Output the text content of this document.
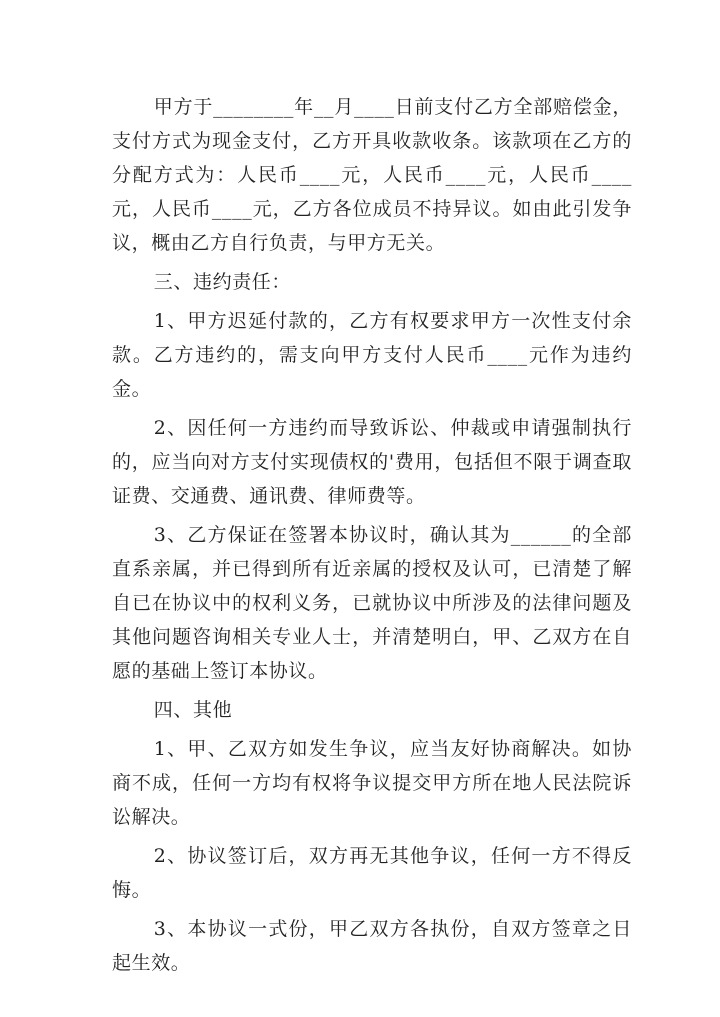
甲方于________年__月____日前支付乙方全部赔偿金，支付方式为现金支付，乙方开具收款收条。该款项在乙方的分配方式为：人民币____元，人民币____元，人民币____元，人民币____元，乙方各位成员不持异议。如由此引发争议，概由乙方自行负责，与甲方无关。

三、违约责任：

1、甲方迟延付款的，乙方有权要求甲方一次性支付余款。乙方违约的，需支向甲方支付人民币____元作为违约金。

2、因任何一方违约而导致诉讼、仲裁或申请强制执行的，应当向对方支付实现债权的'费用，包括但不限于调查取证费、交通费、通讯费、律师费等。

3、乙方保证在签署本协议时，确认其为______的全部直系亲属，并已得到所有近亲属的授权及认可，已清楚了解自已在协议中的权利义务，已就协议中所涉及的法律问题及其他问题咨询相关专业人士，并清楚明白，甲、乙双方在自愿的基础上签订本协议。

四、其他

1、甲、乙双方如发生争议，应当友好协商解决。如协商不成，任何一方均有权将争议提交甲方所在地人民法院诉讼解决。

2、协议签订后，双方再无其他争议，任何一方不得反悔。

3、本协议一式份，甲乙双方各执份，自双方签章之日起生效。
